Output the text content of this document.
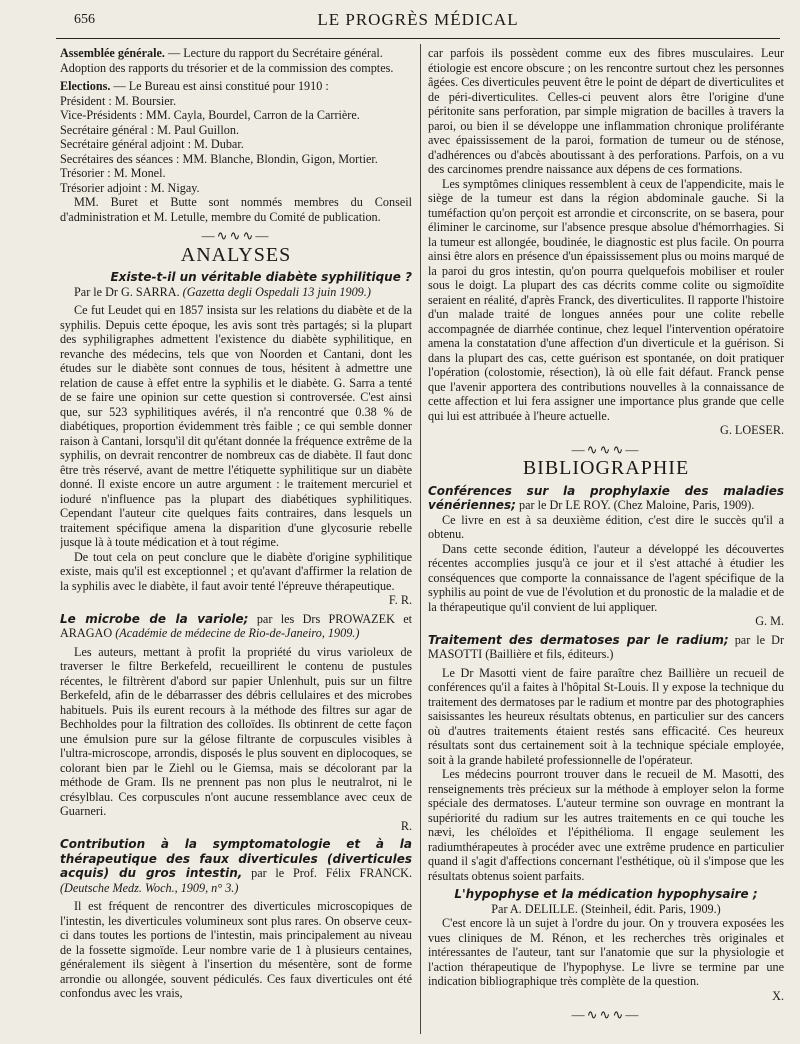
656	LE PROGRÈS MÉDICAL

Assemblée générale. — Lecture du rapport du Secrétaire général.

Adoption des rapports du trésorier et de la commission des comptes.

Elections. — Le Bureau est ainsi constitué pour 1910 :

Président : M. Boursier.

Vice-Présidents : MM. Cayla, Bourdel, Carron de la Carrière.

Secrétaire général : M. Paul Guillon.

Secrétaire général adjoint : M. Dubar.

Secrétaires des séances : MM. Blanche, Blondin, Gigon, Mortier.

Trésorier : M. Monel.

Trésorier adjoint : M. Nigay.

MM. Buret et Butte sont nommés membres du Conseil d'administration et M. Letulle, membre du Comité de publication.

—∿∿∿—
ANALYSES

Existe-t-il un véritable diabète syphilitique ?

Par le Dr G. SARRA. (Gazetta degli Ospedali 13 juin 1909.)

Ce fut Leudet qui en 1857 insista sur les relations du diabète et de la syphilis. Depuis cette époque, les avis sont très partagés; si la plupart des syphiligraphes admettent l'existence du diabète syphilitique, en revanche des médecins, tels que von Noorden et Cantani, dont les études sur le diabète sont connues de tous, hésitent à admettre une relation de cause à effet entre la syphilis et le diabète. G. Sarra a tenté de se faire une opinion sur cette question si controversée. C'est ainsi que, sur 523 syphilitiques avérés, il n'a rencontré que 0.38 % de diabétiques, proportion évidemment très faible ; ce qui semble donner raison à Cantani, lorsqu'il dit qu'étant donnée la fréquence extrême de la syphilis, on devrait rencontrer de nombreux cas de diabète. Il faut donc être très réservé, avant de mettre l'étiquette syphilitique sur un diabète donné. Il existe encore un autre argument : le traitement mercuriel et ioduré n'influence pas la plupart des diabétiques syphilitiques. Cependant l'auteur cite quelques faits contraires, dans lesquels un traitement spécifique amena la disparition d'une glycosurie rebelle jusque là à toute médication et à tout régime.

De tout cela on peut conclure que le diabète d'origine syphilitique existe, mais qu'il est exceptionnel ; et qu'avant d'affirmer la relation de la syphilis avec le diabète, il faut avoir tenté l'épreuve thérapeutique.

F. R.

Le microbe de la variole; par les Drs PROWAZEK et ARAGAO (Académie de médecine de Rio-de-Janeiro, 1909.)

Les auteurs, mettant à profit la propriété du virus varioleux de traverser le filtre Berkefeld, recueillirent le contenu de pustules récentes, le filtrèrent d'abord sur papier Unlenhult, puis sur un filtre Berkefeld, afin de le débarrasser des débris cellulaires et des microbes habituels. Puis ils eurent recours à la méthode des filtres sur agar de Bechholdes pour la filtration des colloïdes. Ils obtinrent de cette façon une émulsion pure sur la gélose filtrante de corpuscules visibles à l'ultra-microscope, arrondis, disposés le plus souvent en diplocoques, se colorant bien par le Ziehl ou le Giemsa, mais se décolorant par la méthode de Gram. Ils ne prennent pas non plus le neutralrot, ni le crésylblau. Ces corpuscules n'ont aucune ressemblance avec ceux de Guarneri.

R.

Contribution à la symptomatologie et à la thérapeutique des faux diverticules (diverticules acquis) du gros intestin, par le Prof. Félix FRANCK. (Deutsche Medz. Woch., 1909, n° 3.)

Il est fréquent de rencontrer des diverticules microscopiques de l'intestin, les diverticules volumineux sont plus rares. On observe ceux-ci dans toutes les portions de l'intestin, mais principalement au niveau de la fossette sigmoïde. Leur nombre varie de 1 à plusieurs centaines, généralement ils siègent à l'insertion du mésentère, sont de forme arrondie ou allongée, souvent pédiculés. Ces faux diverticules ont été confondus avec les vrais,

car parfois ils possèdent comme eux des fibres musculaires. Leur étiologie est encore obscure ; on les rencontre surtout chez les personnes âgées. Ces diverticules peuvent être le point de départ de diverticulites et de péri-diverticulites. Celles-ci peuvent alors être l'origine d'une péritonite sans perforation, par simple migration de bacilles à travers la paroi, ou bien il se développe une inflammation chronique proliférante avec épaississement de la paroi, formation de tumeur ou de sténose, d'adhérences ou d'abcès aboutissant à des perforations. Parfois, on a vu des carcinomes prendre naissance aux dépens de ces formations.

Les symptômes cliniques ressemblent à ceux de l'appendicite, mais le siège de la tumeur est dans la région abdominale gauche. Si la tuméfaction qu'on perçoit est arrondie et circonscrite, on se basera, pour éliminer le carcinome, sur l'absence presque absolue d'hémorrhagies. Si la tumeur est allongée, boudinée, le diagnostic est plus facile. On pourra ainsi être alors en présence d'un épaississement plus ou moins marqué de la paroi du gros intestin, qu'on pourra quelquefois mobiliser et rouler sous le doigt. La plupart des cas décrits comme colite ou sigmoïdite seraient en réalité, d'après Franck, des diverticulites. Il rapporte l'histoire d'un malade traité de longues années pour une colite rebelle accompagnée de diarrhée continue, chez lequel l'intervention opératoire amena la constatation d'une affection d'un diverticule et la guérison. Si dans la plupart des cas, cette guérison est spontanée, on doit pratiquer l'opération (colostomie, résection), là où elle fait défaut. Franck pense que l'avenir apportera des contributions nouvelles à la connaissance de cette affection et lui fera assigner une importance plus grande que celle qui lui est attribuée à l'heure actuelle.

G. LOESER.

—∿∿∿—
BIBLIOGRAPHIE

Conférences sur la prophylaxie des maladies vénériennes; par le Dr LE ROY. (Chez Maloine, Paris, 1909).

Ce livre en est à sa deuxième édition, c'est dire le succès qu'il a obtenu.

Dans cette seconde édition, l'auteur a développé les découvertes récentes accomplies jusqu'à ce jour et il s'est attaché à étudier les conséquences que comporte la connaissance de l'agent spécifique de la syphilis au point de vue de l'évolution et du pronostic de la maladie et de la thérapeutique qu'il convient de lui appliquer.

G. M.

Traitement des dermatoses par le radium; par le Dr MASOTTI (Baillière et fils, éditeurs.)

Le Dr Masotti vient de faire paraître chez Baillière un recueil de conférences qu'il a faites à l'hôpital St-Louis. Il y expose la technique du traitement des dermatoses par le radium et montre par des photographies saisissantes les heureux résultats obtenus, en particulier sur des cancers où d'autres traitements étaient restés sans efficacité. Ces heureux résultats sont dus certainement soit à la technique spéciale employée, soit à la grande habileté professionnelle de l'opérateur.

Les médecins pourront trouver dans le recueil de M. Masotti, des renseignements très précieux sur la méthode à employer selon la forme spéciale des dermatoses. L'auteur termine son ouvrage en montrant la supériorité du radium sur les autres traitements en ce qui touche les nævi, les chéloïdes et l'épithélioma. Il engage seulement les radiumthérapeutes à procéder avec une extrême prudence en particulier quand il s'agit d'affections concernant l'esthétique, où il s'impose que les résultats obtenus soient parfaits.

L'hypophyse et la médication hypophysaire ;

Par A. DELILLE. (Steinheil, édit. Paris, 1909.)

C'est encore là un sujet à l'ordre du jour. On y trouvera exposées les vues cliniques de M. Rénon, et les recherches très originales et intéressantes de l'auteur, tant sur l'anatomie que sur la physiologie et l'action thérapeutique de l'hypophyse. Le livre se termine par une indication bibliographique très complète de la question.

X.

—∿∿∿—
